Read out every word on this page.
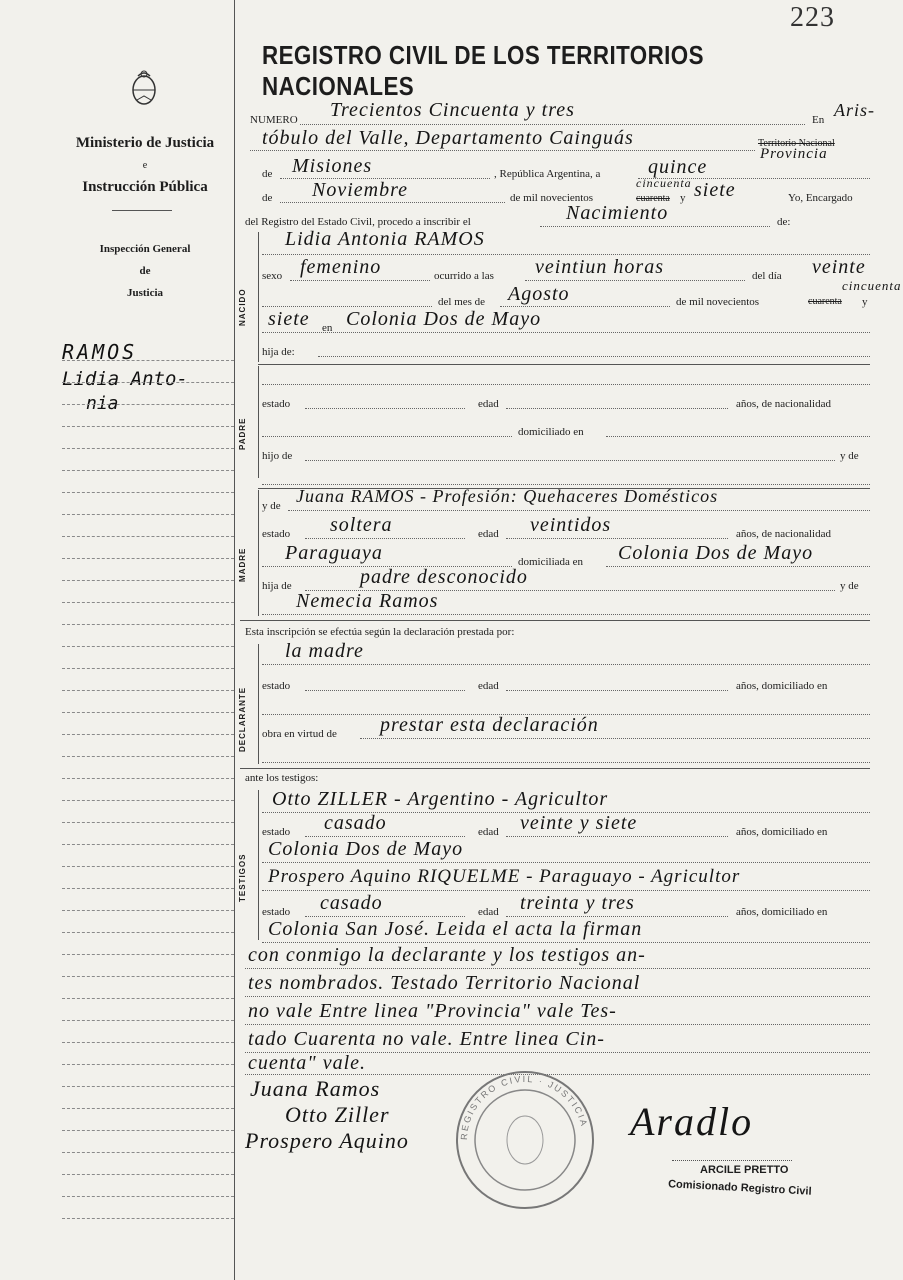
223
REGISTRO CIVIL DE LOS TERRITORIOS NACIONALES
Ministerio de Justicia
e
Instrucción Pública
Inspección General
de
Justicia
RAMOS
Lidia Anto-
nia
NUMERO Trecientos Cincuenta y tres	En Aris-
tóbulo del Valle, Departamento Cainguás	Territorio Nacional
Provincia
de Misiones	, República Argentina, a quince
de Noviembre	de mil novecientos
cincuenta
cuarenta y siete	Yo, Encargado
del Registro del Estado Civil, procedo a inscribir el	Nacimiento	de:
NACIDO
Lidia Antonia RAMOS
sexo femenino	ocurrido a las veintiun horas	del día veinte
del mes de Agosto	de mil novecientos	cuarenta
cincuenta
y
siete en Colonia Dos de Mayo
hija de:
PADRE
estado	edad	años, de nacionalidad
domiciliado en
hijo de	y de
MADRE
y de Juana RAMOS - Profesión: Quehaceres Domésticos
estado soltera	edad veintidos	años, de nacionalidad
Paraguaya	domiciliada en Colonia Dos de Mayo
hija de	padre desconocido	y de
Nemecia Ramos
Esta inscripción se efectúa según la declaración prestada por:
DECLARANTE
la madre
estado	edad	años, domiciliado en
obra en virtud de prestar esta declaración
ante los testigos:
TESTIGOS
Otto ZILLER - Argentino - Agricultor
estado casado	edad veinte y siete	años, domiciliado en
Colonia Dos de Mayo
Prospero Aquino RIQUELME - Paraguayo - Agricultor
estado casado	edad treinta y tres	años, domiciliado en
Colonia San José. Leida el acta la firman
con conmigo la declarante y los testigos an-
tes nombrados. Testado Territorio Nacional
no vale Entre linea "Provincia" vale Tes-
tado Cuarenta no vale. Entre linea Cin-
cuenta" vale.
Juana Ramos
Otto Ziller
Prospero Aquino	REGISTRO CIVIL · JUSTICIA Aradlo
ARCILE PRETTO
Comisionado Registro Civil
